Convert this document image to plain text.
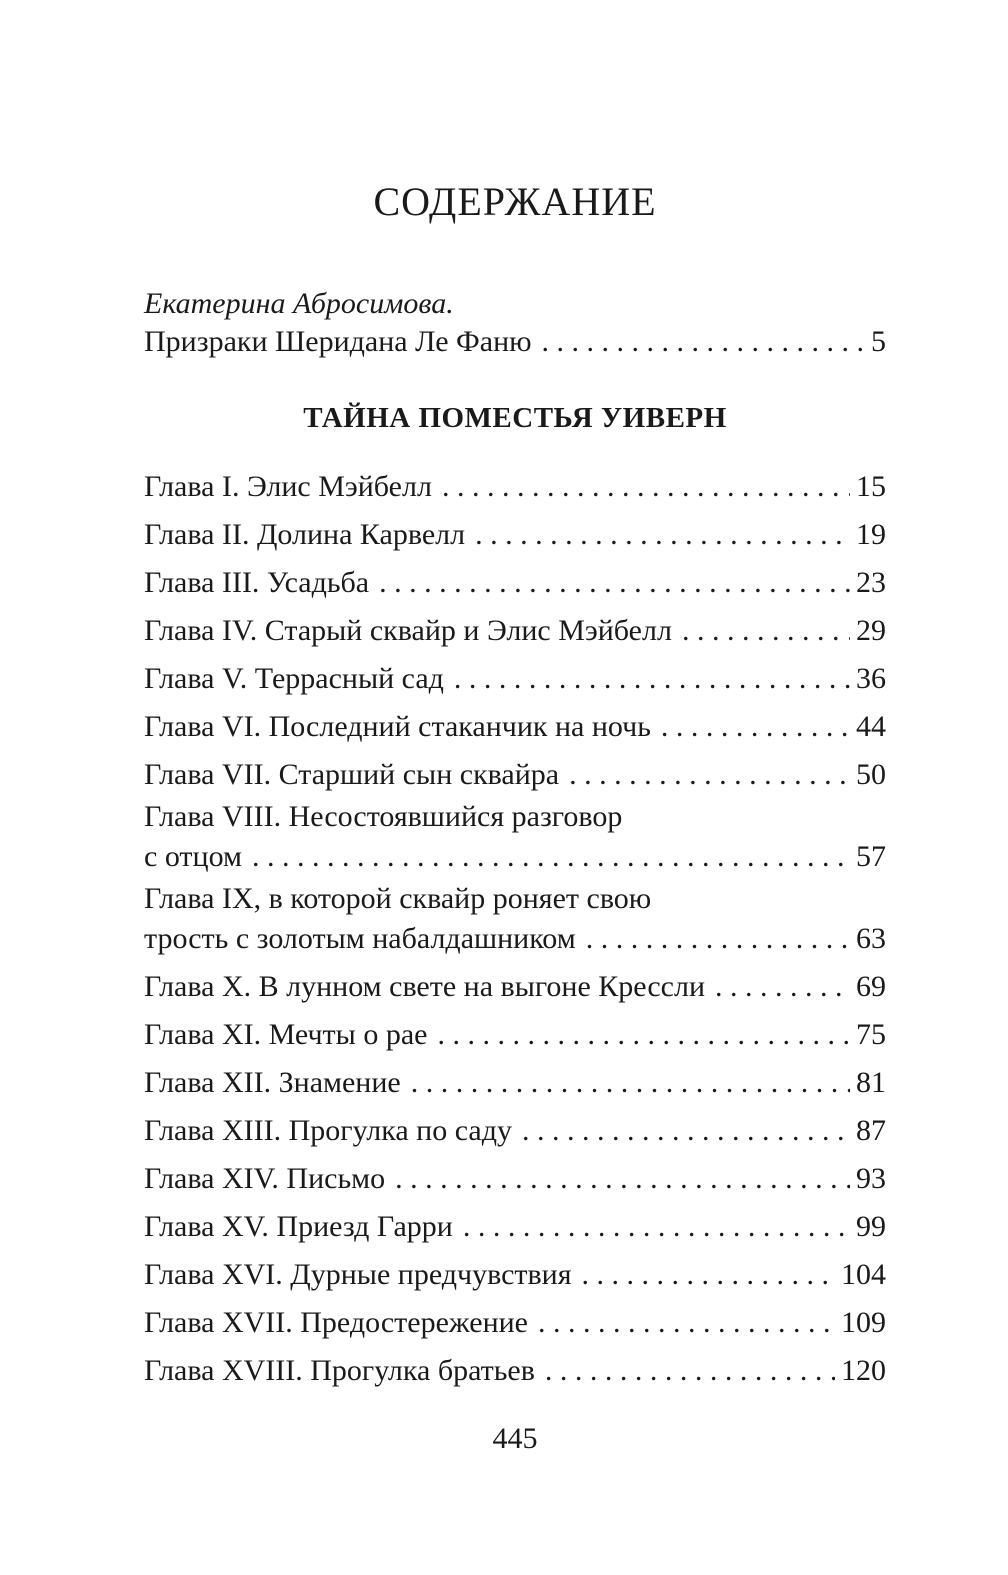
СОДЕРЖАНИЕ
Екатерина Абросимова.
Призраки Шеридана Ле Фаню . . .	5
ТАЙНА ПОМЕСТЬЯ УИВЕРН
Глава I. Элис Мэйбелл . . .	15
Глава II. Долина Карвелл . . .	19
Глава III. Усадьба . . .	23
Глава IV. Старый сквайр и Элис Мэйбелл . . .	29
Глава V. Террасный сад . . .	36
Глава VI. Последний стаканчик на ночь . . .	44
Глава VII. Старший сын сквайра . . .	50
Глава VIII. Несостоявшийся разговор
с отцом . . .	57
Глава IX, в которой сквайр роняет свою
трость с золотым набалдашником . . .	63
Глава X. В лунном свете на выгоне Крессли . . .	69
Глава XI. Мечты о рае . . .	75
Глава XII. Знамение . . .	81
Глава XIII. Прогулка по саду . . .	87
Глава XIV. Письмо . . .	93
Глава XV. Приезд Гарри . . .	99
Глава XVI. Дурные предчувствия . . .	104
Глава XVII. Предостережение . . .	109
Глава XVIII. Прогулка братьев . . .	120
445
